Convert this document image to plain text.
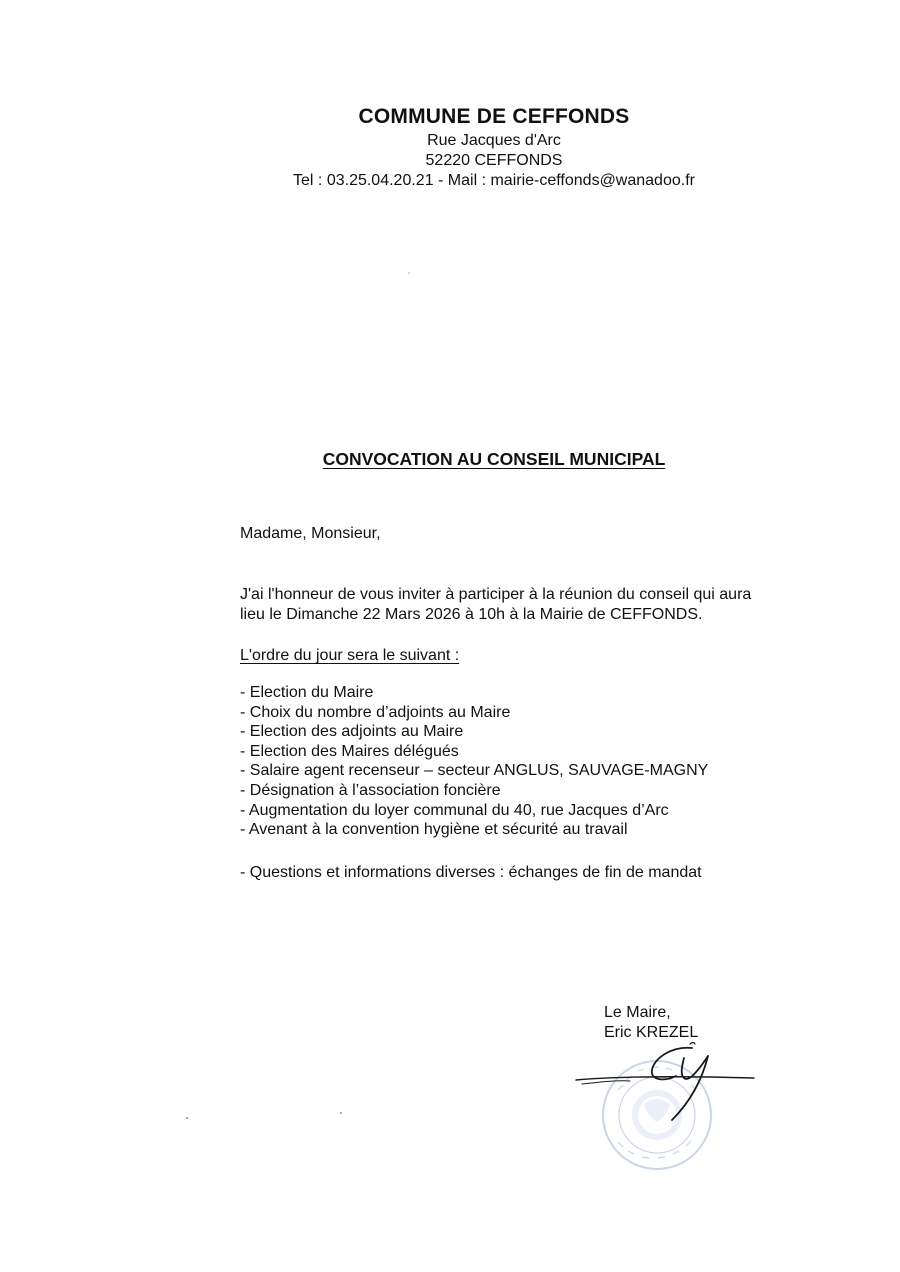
COMMUNE DE CEFFONDS
Rue Jacques d'Arc
52220 CEFFONDS
Tel : 03.25.04.20.21 - Mail : mairie-ceffonds@wanadoo.fr
CONVOCATION AU CONSEIL MUNICIPAL
Madame, Monsieur,
J'ai l'honneur de vous inviter à participer à la réunion du conseil qui aura
lieu le Dimanche 22 Mars 2026 à 10h à la Mairie de CEFFONDS.
L'ordre du jour sera le suivant :
- Election du Maire
- Choix du nombre d’adjoints au Maire
- Election des adjoints au Maire
- Election des Maires délégués
- Salaire agent recenseur – secteur ANGLUS, SAUVAGE-MAGNY
- Désignation à l’association foncière
- Augmentation du loyer communal du 40, rue Jacques d’Arc
- Avenant à la convention hygiène et sécurité au travail
- Questions et informations diverses : échanges de fin de mandat
Le Maire,
Eric KREZEL
